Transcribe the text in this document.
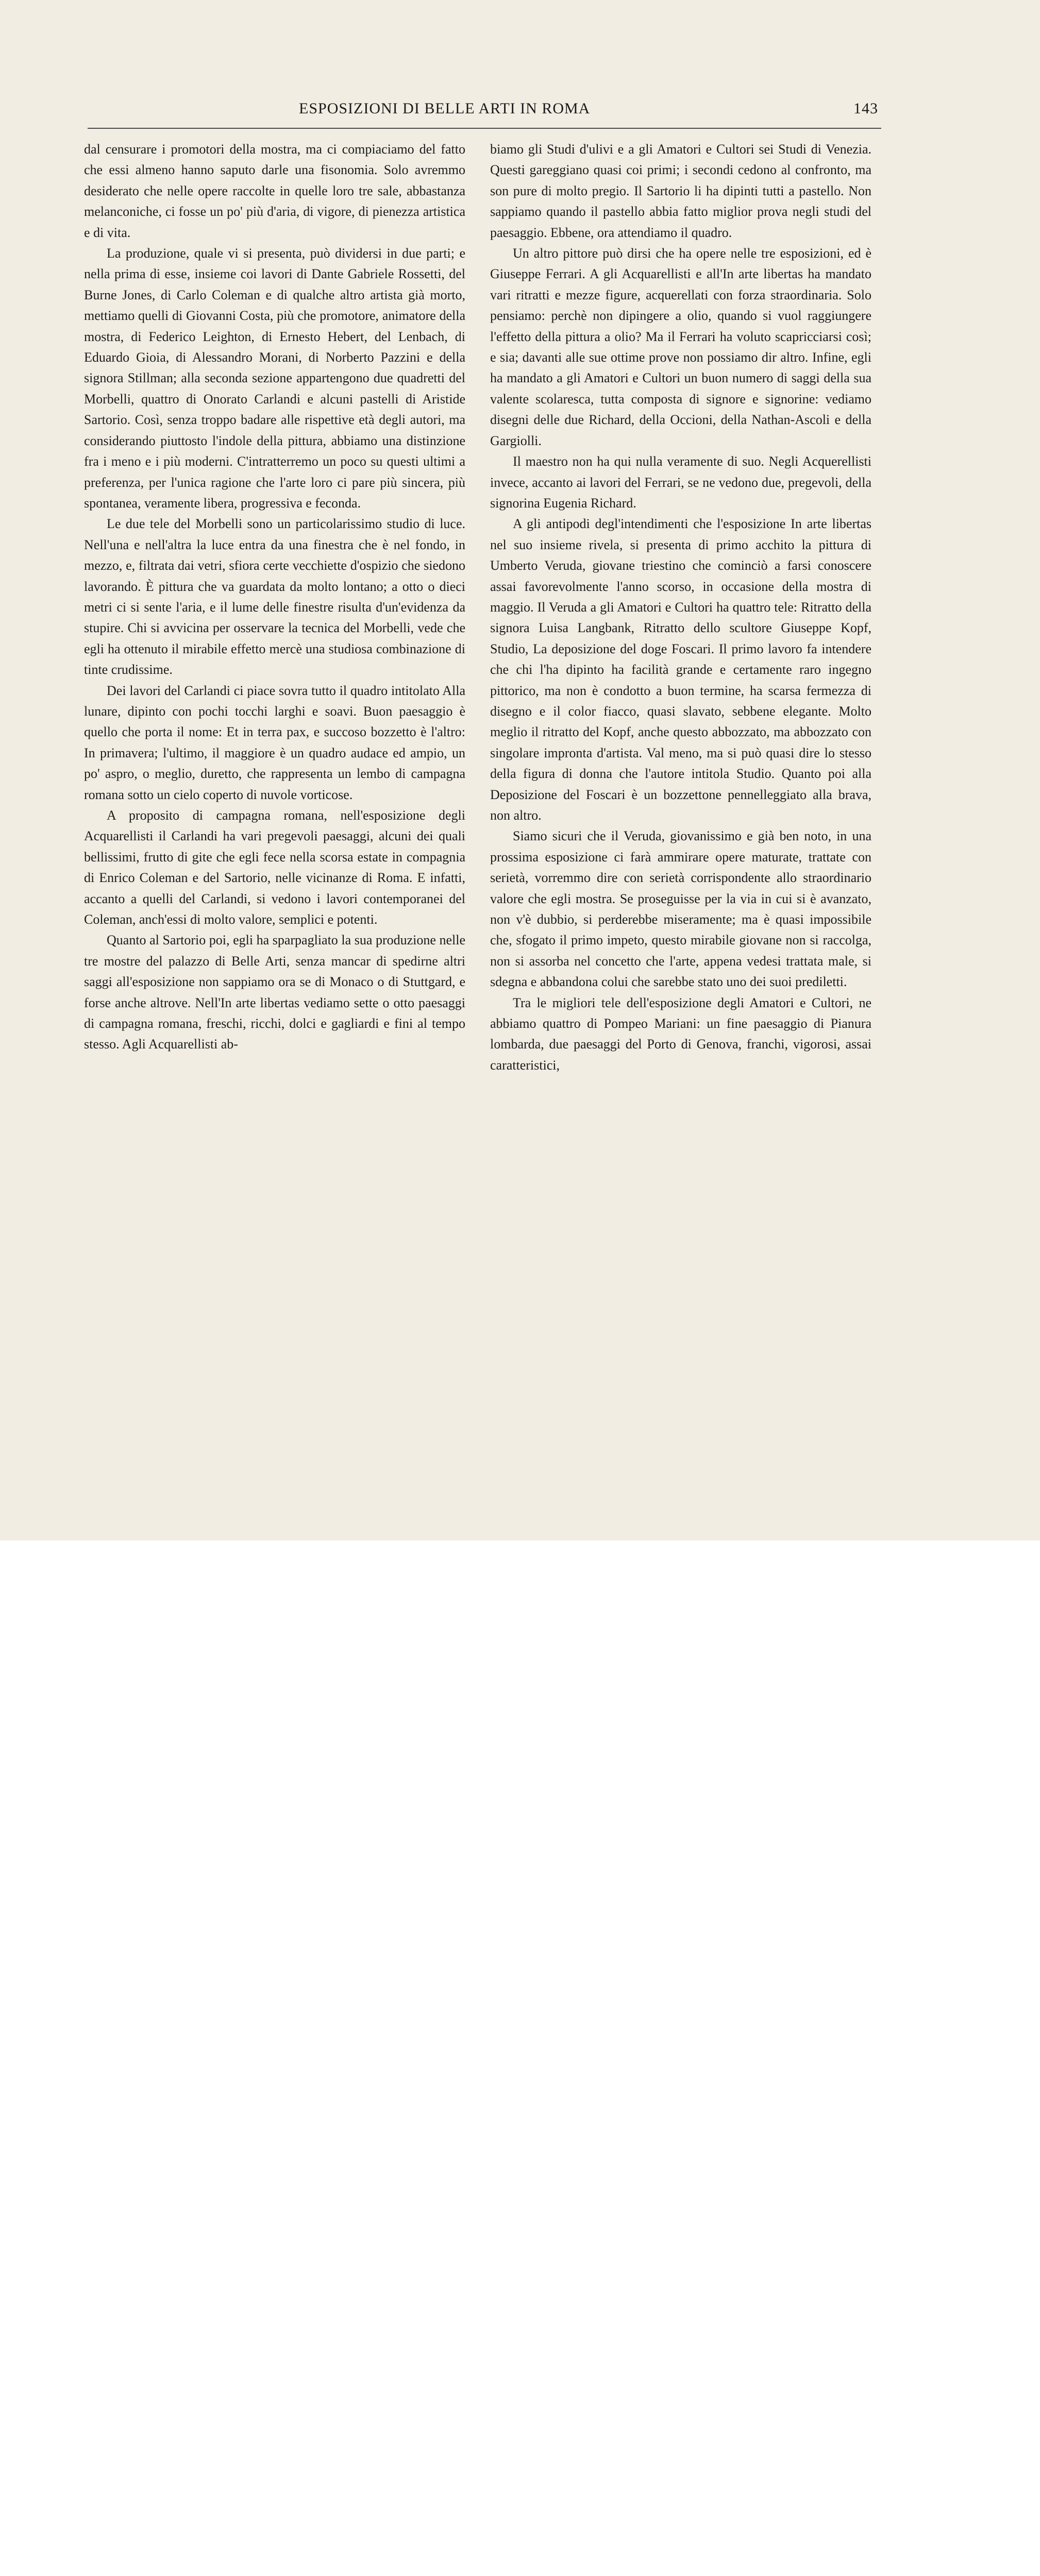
ESPOSIZIONI DI BELLE ARTI IN ROMA	143

dal censurare i promotori della mostra, ma ci compiaciamo del fatto che essi almeno hanno saputo darle una fisonomia. Solo avremmo desiderato che nelle opere raccolte in quelle loro tre sale, abbastanza melanconiche, ci fosse un po' più d'aria, di vigore, di pienezza artistica e di vita.

La produzione, quale vi si presenta, può dividersi in due parti; e nella prima di esse, insieme coi lavori di Dante Gabriele Rossetti, del Burne Jones, di Carlo Coleman e di qualche altro artista già morto, mettiamo quelli di Giovanni Costa, più che promotore, animatore della mostra, di Federico Leighton, di Ernesto Hebert, del Lenbach, di Eduardo Gioia, di Alessandro Morani, di Norberto Pazzini e della signora Stillman; alla seconda sezione appartengono due quadretti del Morbelli, quattro di Onorato Carlandi e alcuni pastelli di Aristide Sartorio. Così, senza troppo badare alle rispettive età degli autori, ma considerando piuttosto l'indole della pittura, abbiamo una distinzione fra i meno e i più moderni. C'intratterremo un poco su questi ultimi a preferenza, per l'unica ragione che l'arte loro ci pare più sincera, più spontanea, veramente libera, progressiva e feconda.

Le due tele del Morbelli sono un particolarissimo studio di luce. Nell'una e nell'altra la luce entra da una finestra che è nel fondo, in mezzo, e, filtrata dai vetri, sfiora certe vecchiette d'ospizio che siedono lavorando. È pittura che va guardata da molto lontano; a otto o dieci metri ci si sente l'aria, e il lume delle finestre risulta d'un'evidenza da stupire. Chi si avvicina per osservare la tecnica del Morbelli, vede che egli ha ottenuto il mirabile effetto mercè una studiosa combinazione di tinte crudissime.

Dei lavori del Carlandi ci piace sovra tutto il quadro intitolato Alla lunare, dipinto con pochi tocchi larghi e soavi. Buon paesaggio è quello che porta il nome: Et in terra pax, e succoso bozzetto è l'altro: In primavera; l'ultimo, il maggiore è un quadro audace ed ampio, un po' aspro, o meglio, duretto, che rappresenta un lembo di campagna romana sotto un cielo coperto di nuvole vorticose.

A proposito di campagna romana, nell'esposizione degli Acquarellisti il Carlandi ha vari pregevoli paesaggi, alcuni dei quali bellissimi, frutto di gite che egli fece nella scorsa estate in compagnia di Enrico Coleman e del Sartorio, nelle vicinanze di Roma. E infatti, accanto a quelli del Carlandi, si vedono i lavori contemporanei del Coleman, anch'essi di molto valore, semplici e potenti.

Quanto al Sartorio poi, egli ha sparpagliato la sua produzione nelle tre mostre del palazzo di Belle Arti, senza mancar di spedirne altri saggi all'esposizione non sappiamo ora se di Monaco o di Stuttgard, e forse anche altrove. Nell'In arte libertas vediamo sette o otto paesaggi di campagna romana, freschi, ricchi, dolci e gagliardi e fini al tempo stesso. Agli Acquarellisti ab-

biamo gli Studi d'ulivi e a gli Amatori e Cultori sei Studi di Venezia. Questi gareggiano quasi coi primi; i secondi cedono al confronto, ma son pure di molto pregio. Il Sartorio li ha dipinti tutti a pastello. Non sappiamo quando il pastello abbia fatto miglior prova negli studi del paesaggio. Ebbene, ora attendiamo il quadro.

Un altro pittore può dirsi che ha opere nelle tre esposizioni, ed è Giuseppe Ferrari. A gli Acquarellisti e all'In arte libertas ha mandato vari ritratti e mezze figure, acquerellati con forza straordinaria. Solo pensiamo: perchè non dipingere a olio, quando si vuol raggiungere l'effetto della pittura a olio? Ma il Ferrari ha voluto scapricciarsi così; e sia; davanti alle sue ottime prove non possiamo dir altro. Infine, egli ha mandato a gli Amatori e Cultori un buon numero di saggi della sua valente scolaresca, tutta composta di signore e signorine: vediamo disegni delle due Richard, della Occioni, della Nathan-Ascoli e della Gargiolli.

Il maestro non ha qui nulla veramente di suo. Negli Acquerellisti invece, accanto ai lavori del Ferrari, se ne vedono due, pregevoli, della signorina Eugenia Richard.

A gli antipodi degl'intendimenti che l'esposizione In arte libertas nel suo insieme rivela, si presenta di primo acchito la pittura di Umberto Veruda, giovane triestino che cominciò a farsi conoscere assai favorevolmente l'anno scorso, in occasione della mostra di maggio. Il Veruda a gli Amatori e Cultori ha quattro tele: Ritratto della signora Luisa Langbank, Ritratto dello scultore Giuseppe Kopf, Studio, La deposizione del doge Foscari. Il primo lavoro fa intendere che chi l'ha dipinto ha facilità grande e certamente raro ingegno pittorico, ma non è condotto a buon termine, ha scarsa fermezza di disegno e il color fiacco, quasi slavato, sebbene elegante. Molto meglio il ritratto del Kopf, anche questo abbozzato, ma abbozzato con singolare impronta d'artista. Val meno, ma si può quasi dire lo stesso della figura di donna che l'autore intitola Studio. Quanto poi alla Deposizione del Foscari è un bozzettone pennelleggiato alla brava, non altro.

Siamo sicuri che il Veruda, giovanissimo e già ben noto, in una prossima esposizione ci farà ammirare opere maturate, trattate con serietà, vorremmo dire con serietà corrispondente allo straordinario valore che egli mostra. Se proseguisse per la via in cui si è avanzato, non v'è dubbio, si perderebbe miseramente; ma è quasi impossibile che, sfogato il primo impeto, questo mirabile giovane non si raccolga, non si assorba nel concetto che l'arte, appena vedesi trattata male, si sdegna e abbandona colui che sarebbe stato uno dei suoi prediletti.

Tra le migliori tele dell'esposizione degli Amatori e Cultori, ne abbiamo quattro di Pompeo Mariani: un fine paesaggio di Pianura lombarda, due paesaggi del Porto di Genova, franchi, vigorosi, assai caratteristici,
